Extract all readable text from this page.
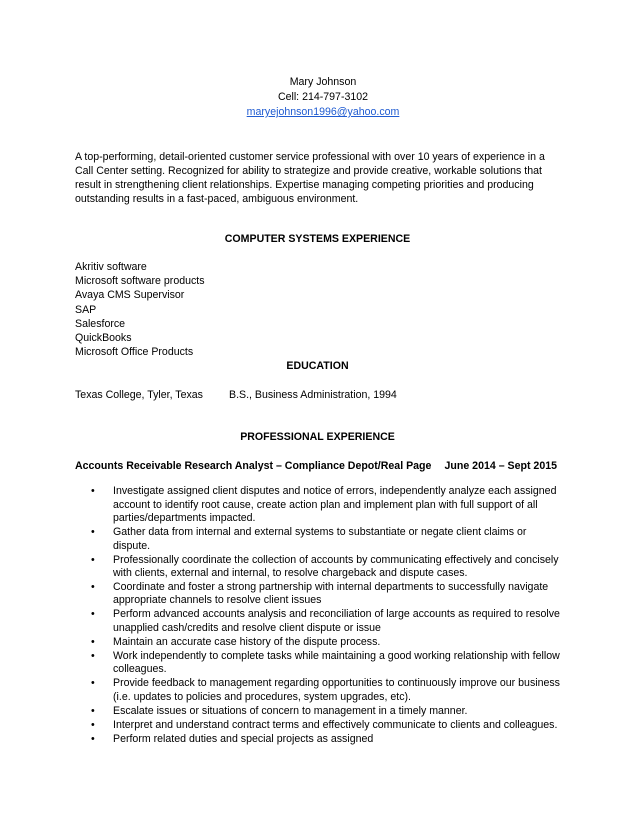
Mary Johnson
Cell: 214-797-3102
maryejohnson1996@yahoo.com
A top-performing, detail-oriented customer service professional with over 10 years of experience in a Call Center setting. Recognized for ability to strategize and provide creative, workable solutions that result in strengthening client relationships. Expertise managing competing priorities and producing outstanding results in a fast-paced, ambiguous environment.
COMPUTER SYSTEMS EXPERIENCE
Akritiv software
Microsoft software products
Avaya CMS Supervisor
SAP
Salesforce
QuickBooks
Microsoft Office Products
EDUCATION
Texas College, Tyler, Texas	B.S., Business Administration, 1994
PROFESSIONAL EXPERIENCE
Accounts Receivable Research Analyst – Compliance Depot/Real Page June 2014 – Sept 2015
• Investigate assigned client disputes and notice of errors, independently analyze each assigned account to identify root cause, create action plan and implement plan with full support of all parties/departments impacted.
• Gather data from internal and external systems to substantiate or negate client claims or dispute.
• Professionally coordinate the collection of accounts by communicating effectively and concisely with clients, external and internal, to resolve chargeback and dispute cases.
• Coordinate and foster a strong partnership with internal departments to successfully navigate appropriate channels to resolve client issues
• Perform advanced accounts analysis and reconciliation of large accounts as required to resolve unapplied cash/credits and resolve client dispute or issue
• Maintain an accurate case history of the dispute process.
• Work independently to complete tasks while maintaining a good working relationship with fellow colleagues.
• Provide feedback to management regarding opportunities to continuously improve our business (i.e. updates to policies and procedures, system upgrades, etc).
• Escalate issues or situations of concern to management in a timely manner.
• Interpret and understand contract terms and effectively communicate to clients and colleagues.
• Perform related duties and special projects as assigned
